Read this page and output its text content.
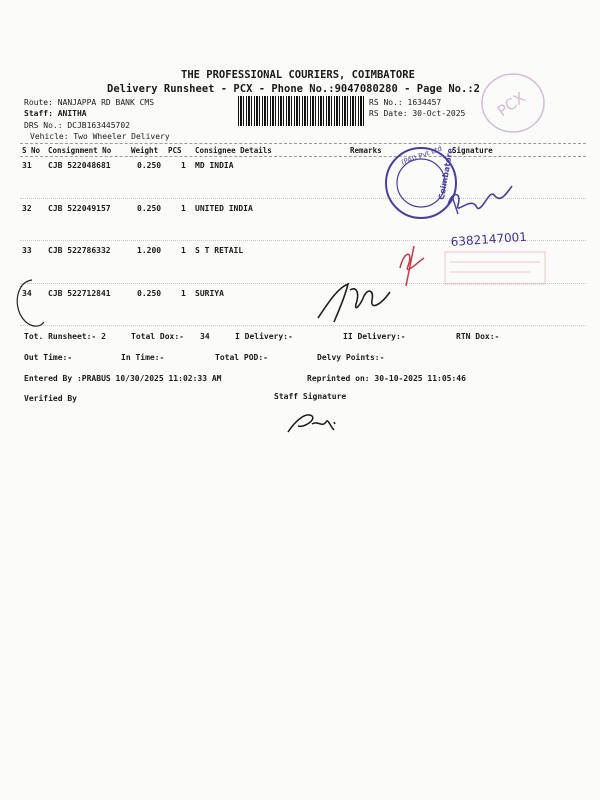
THE PROFESSIONAL COURIERS, COIMBATORE
Delivery Runsheet - PCX - Phone No.:9047080280 - Page No.:2
Route: NANJAPPA RD BANK CMS
Staff: ANITHA
DRS No.: DCJB163445702
Vehicle: Two Wheeler Delivery
RS No.: 1634457
RS Date: 30-Oct-2025
S No Consignment No	Weight PCS Consignee Details	Remarks	Signature
31 CJB 522048681	0.250 1 MD INDIA
32 CJB 522049157	0.250 1 UNITED INDIA
33 CJB 522786332	1.200 1 S T RETAIL
34 CJB 522712841	0.250 1 SURIYA
Tot. Runsheet:- 2	Total Dox:- 34	I Delivery:-	II Delivery:-	RTN Dox:-
Out Time:-	In Time:-	Total POD:-	Delvy Points:-
Entered By :PRABUS 10/30/2025 11:02:33 AM	Reprinted on: 30-10-2025 11:05:46
Verified By	Staff Signature
PCX
(PAI) Pvt Ltd
Coimbatore
6382147001
